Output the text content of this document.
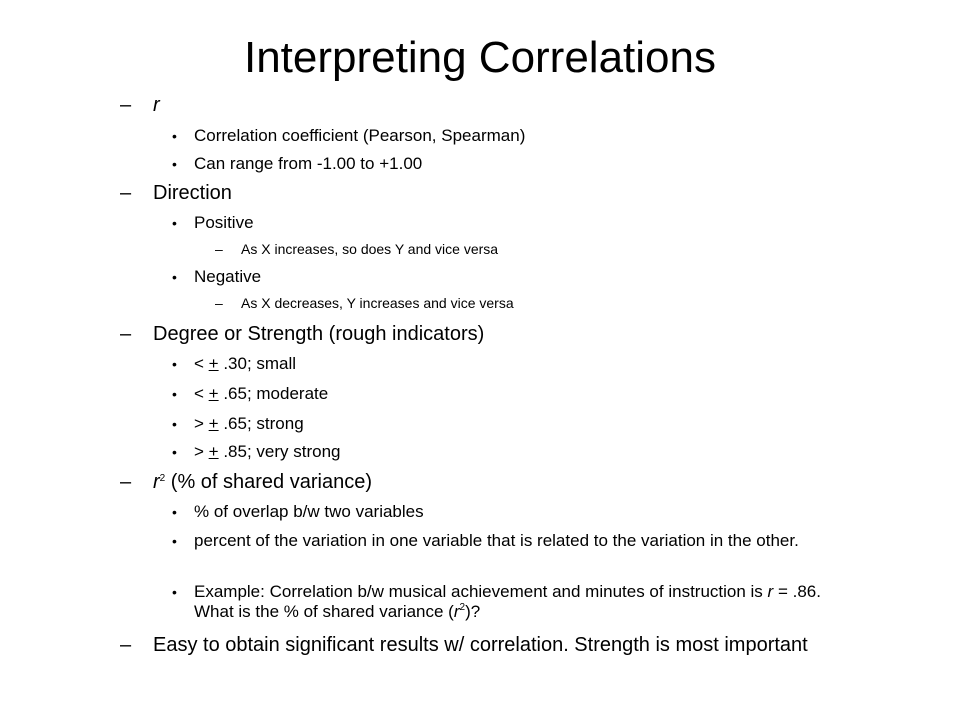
Interpreting Correlations
– r
• Correlation coefficient (Pearson, Spearman)
• Can range from -1.00 to +1.00
– Direction
• Positive
– As X increases, so does Y and vice versa
• Negative
– As X decreases, Y increases and vice versa
– Degree or Strength (rough indicators)
• < + .30; small
• < + .65; moderate
• > + .65; strong
• > + .85; very strong
– $r^2$ (% of shared variance)
• % of overlap b/w two variables
• percent of the variation in one variable that is related to the variation in the other.
• Example: Correlation b/w musical achievement and minutes of instruction is r = .86. What is the % of shared variance $(r^2)$?
– Easy to obtain significant results w/ correlation. Strength is most important
